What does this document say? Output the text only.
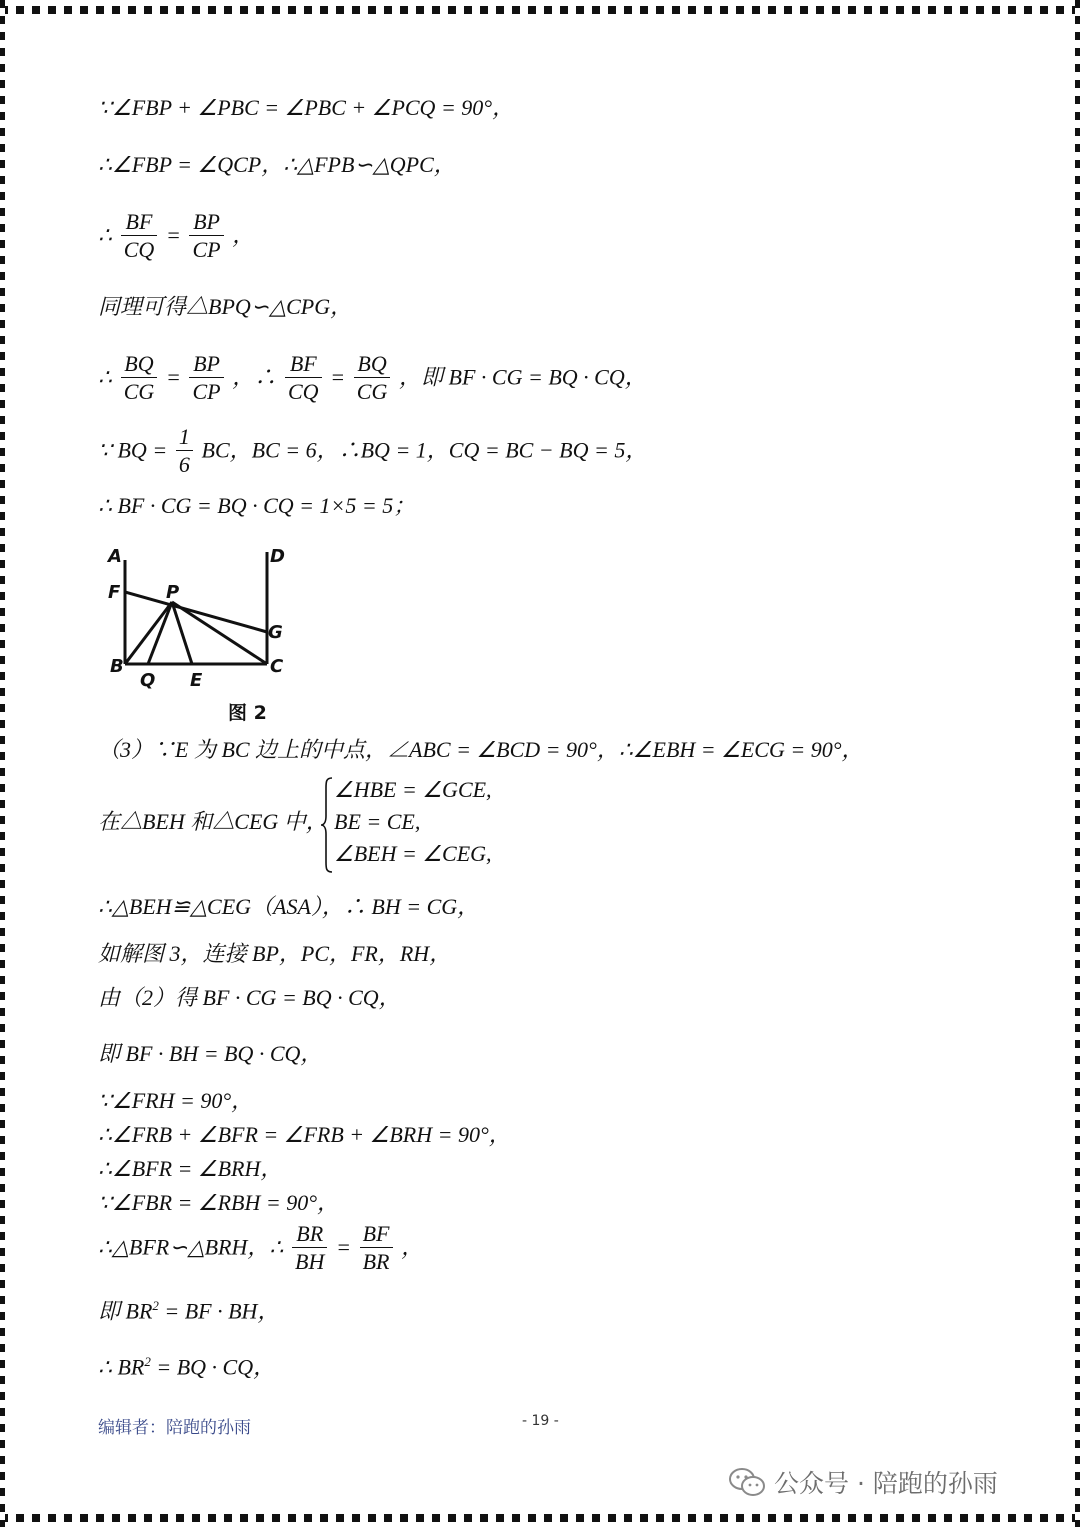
∵∠FBP + ∠PBC = ∠PBC + ∠PCQ = 90°，
∴∠FBP = ∠QCP，∴△FPB∽△QPC，
∴ $\frac{BF}{CQ} = \frac{BP}{CP}$ ，
同理可得△BPQ∽△CPG，
∴ $\frac{BQ}{CG} = \frac{BP}{CP}$ ，∴ $\frac{BF}{CQ} = \frac{BQ}{CG}$ ，即 BF · CG = BQ · CQ，
∵ BQ = $\frac{1}{6}$ BC，BC = 6，∴BQ = 1，CQ = BC − BQ = 5，
∴ BF · CG = BQ · CQ = 1×5 = 5；
A	D
F	P
G
B	C
Q E
图 2
（3）∵E 为 BC 边上的中点，∠ABC = ∠BCD = 90°，∴∠EBH = ∠ECG = 90°，
在△BEH 和△CEG 中，
∠HBE = ∠GCE,
BE = CE,
∠BEH = ∠CEG,
∴△BEH≌△CEG（ASA），∴ BH = CG，
如解图 3，连接 BP，PC，FR，RH，
由（2）得 BF · CG = BQ · CQ，
即 BF · BH = BQ · CQ，
∵∠FRH = 90°，
∴∠FRB + ∠BFR = ∠FRB + ∠BRH = 90°，
∴∠BFR = ∠BRH，
∵∠FBR = ∠RBH = 90°，
∴△BFR∽△BRH，∴ $\frac{BR}{BH} = \frac{BF}{BR}$ ，
即 $BR^2$ = BF · BH，
∴ $BR^2$ = BQ · CQ，
编辑者：陪跑的孙雨	- 19 -
公众号 · 陪跑的孙雨
